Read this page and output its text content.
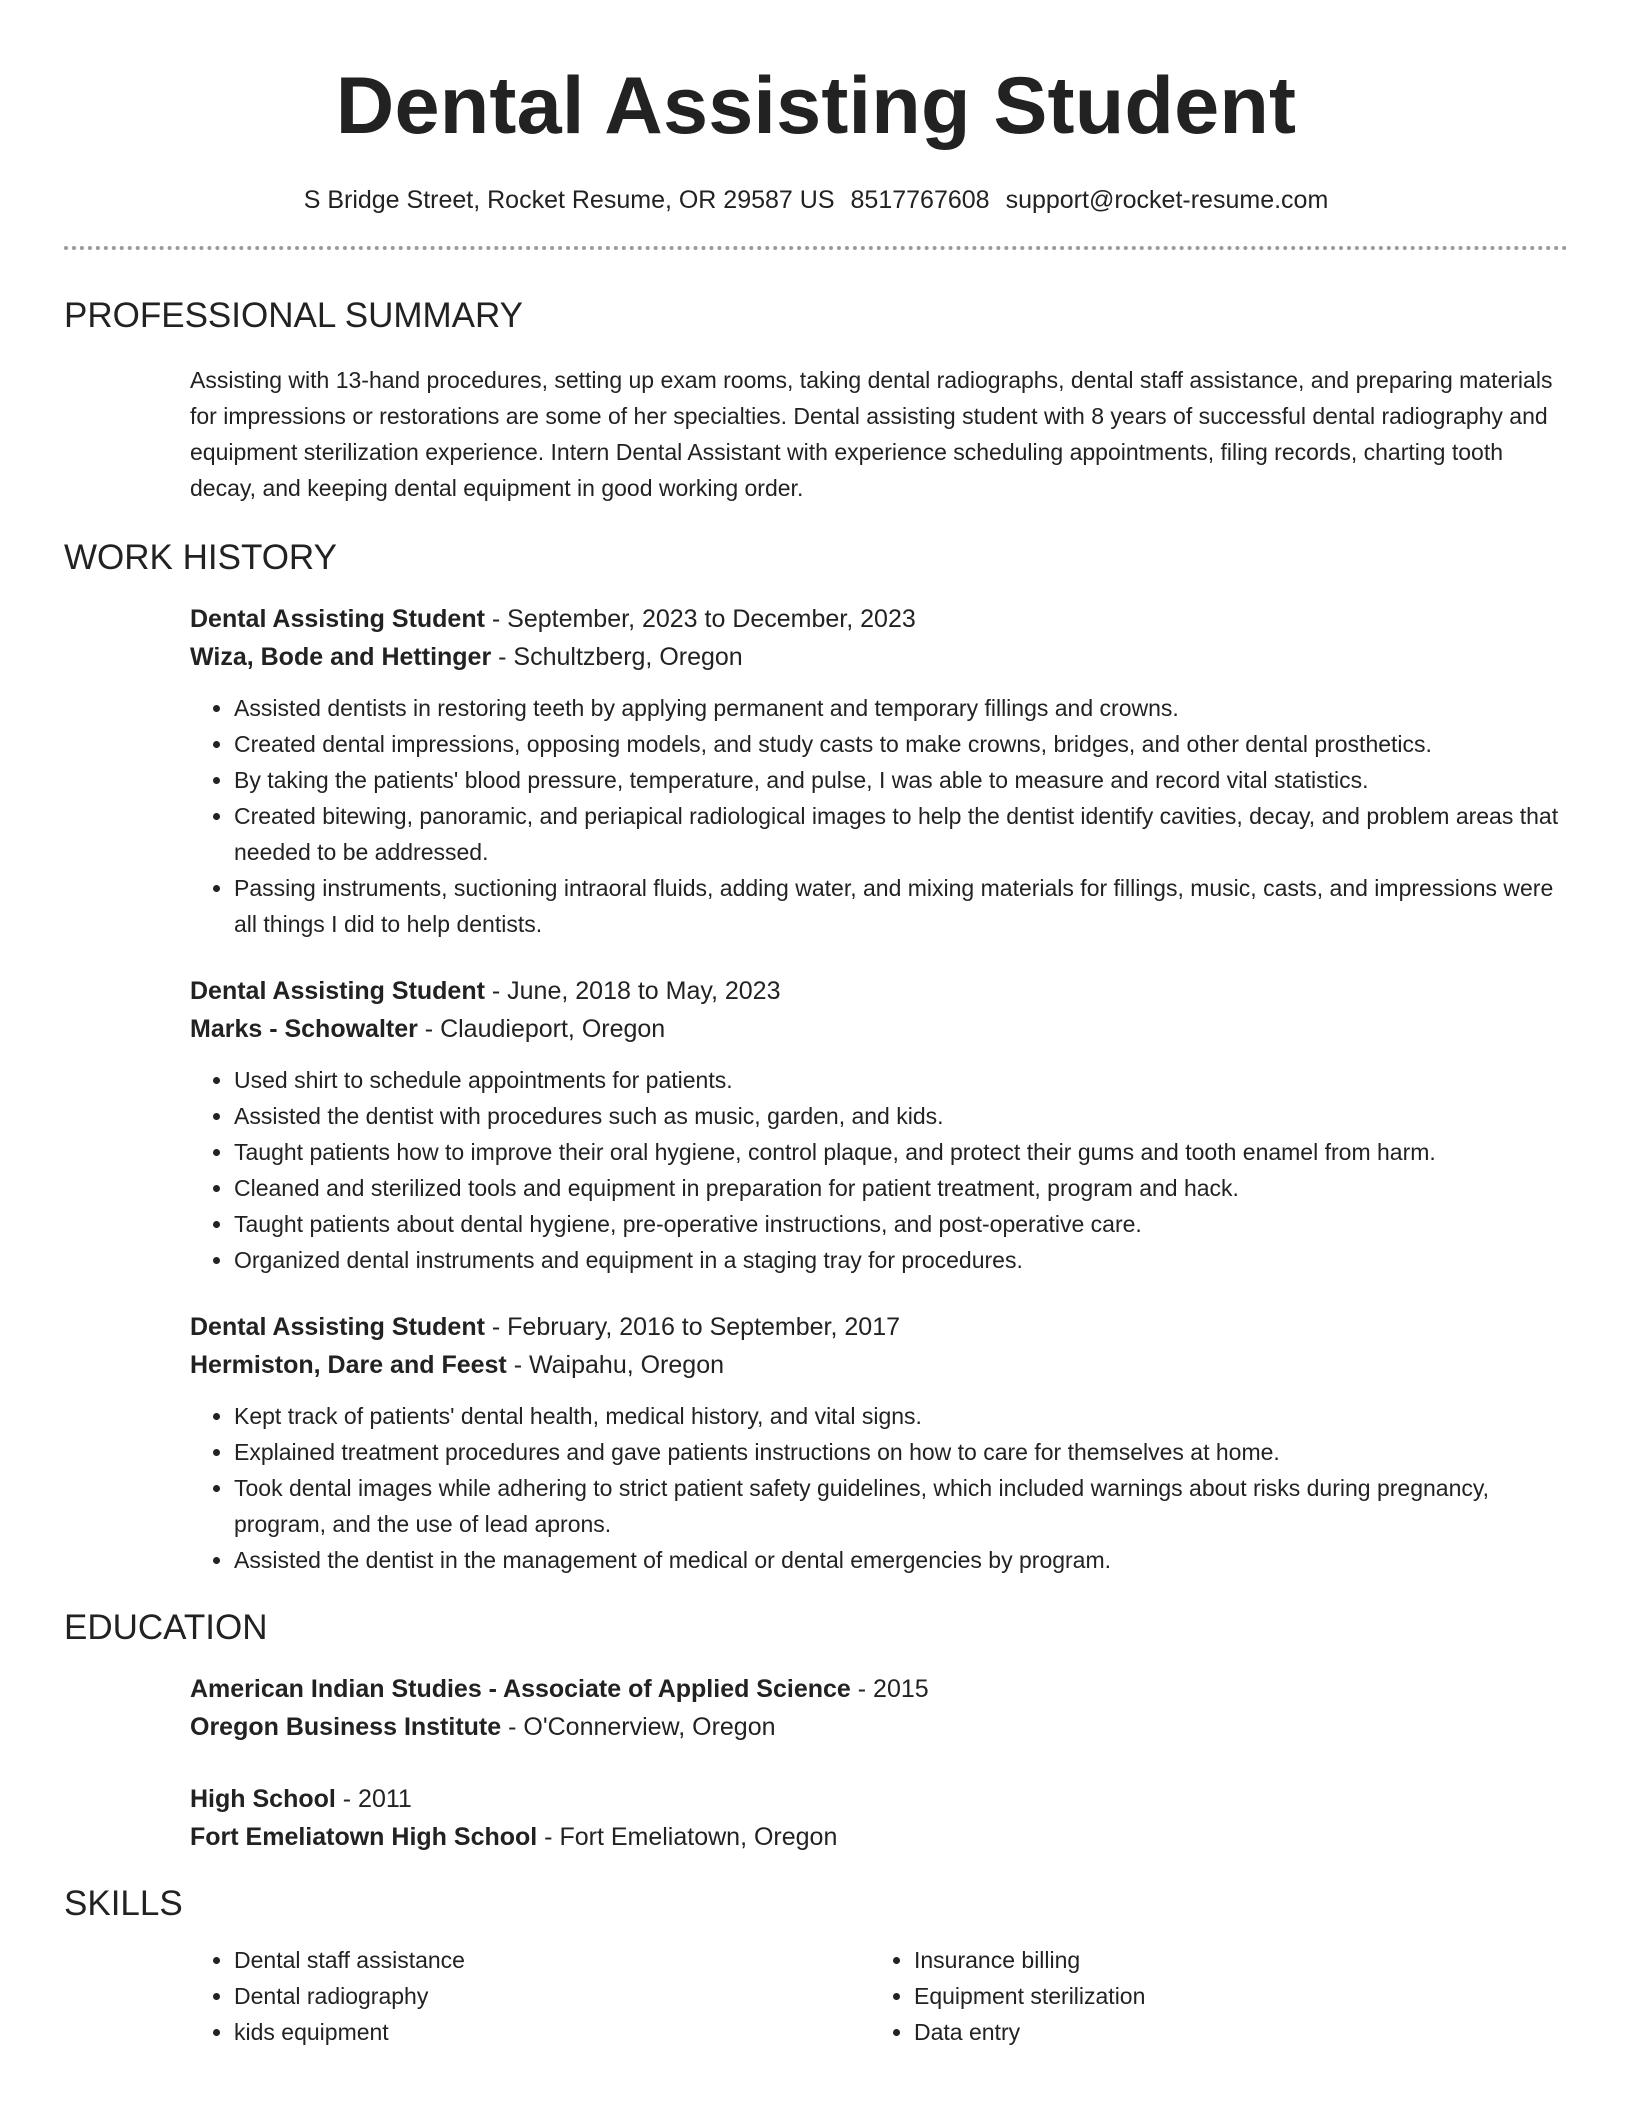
Dental Assisting Student
S Bridge Street, Rocket Resume, OR 29587 US 8517767608 support@rocket-resume.com
PROFESSIONAL SUMMARY

Assisting with 13-hand procedures, setting up exam rooms, taking dental radiographs, dental staff assistance, and preparing materials for impressions or restorations are some of her specialties. Dental assisting student with 8 years of successful dental radiography and equipment sterilization experience. Intern Dental Assistant with experience scheduling appointments, filing records, charting tooth decay, and keeping dental equipment in good working order.

WORK HISTORY
Dental Assisting Student - September, 2023 to December, 2023
Wiza, Bode and Hettinger - Schultzberg, Oregon
• Assisted dentists in restoring teeth by applying permanent and temporary fillings and crowns.
• Created dental impressions, opposing models, and study casts to make crowns, bridges, and other dental prosthetics.
• By taking the patients' blood pressure, temperature, and pulse, I was able to measure and record vital statistics.
• Created bitewing, panoramic, and periapical radiological images to help the dentist identify cavities, decay, and problem areas that needed to be addressed.
• Passing instruments, suctioning intraoral fluids, adding water, and mixing materials for fillings, music, casts, and impressions were all things I did to help dentists.
Dental Assisting Student - June, 2018 to May, 2023
Marks - Schowalter - Claudieport, Oregon
• Used shirt to schedule appointments for patients.
• Assisted the dentist with procedures such as music, garden, and kids.
• Taught patients how to improve their oral hygiene, control plaque, and protect their gums and tooth enamel from harm.
• Cleaned and sterilized tools and equipment in preparation for patient treatment, program and hack.
• Taught patients about dental hygiene, pre-operative instructions, and post-operative care.
• Organized dental instruments and equipment in a staging tray for procedures.
Dental Assisting Student - February, 2016 to September, 2017
Hermiston, Dare and Feest - Waipahu, Oregon
• Kept track of patients' dental health, medical history, and vital signs.
• Explained treatment procedures and gave patients instructions on how to care for themselves at home.
• Took dental images while adhering to strict patient safety guidelines, which included warnings about risks during pregnancy, program, and the use of lead aprons.
• Assisted the dentist in the management of medical or dental emergencies by program.
EDUCATION
American Indian Studies - Associate of Applied Science - 2015
Oregon Business Institute - O'Connerview, Oregon
High School - 2011
Fort Emeliatown High School - Fort Emeliatown, Oregon
SKILLS
• Dental staff assistance
• Dental radiography
• kids equipment
• Insurance billing
• Equipment sterilization
• Data entry
